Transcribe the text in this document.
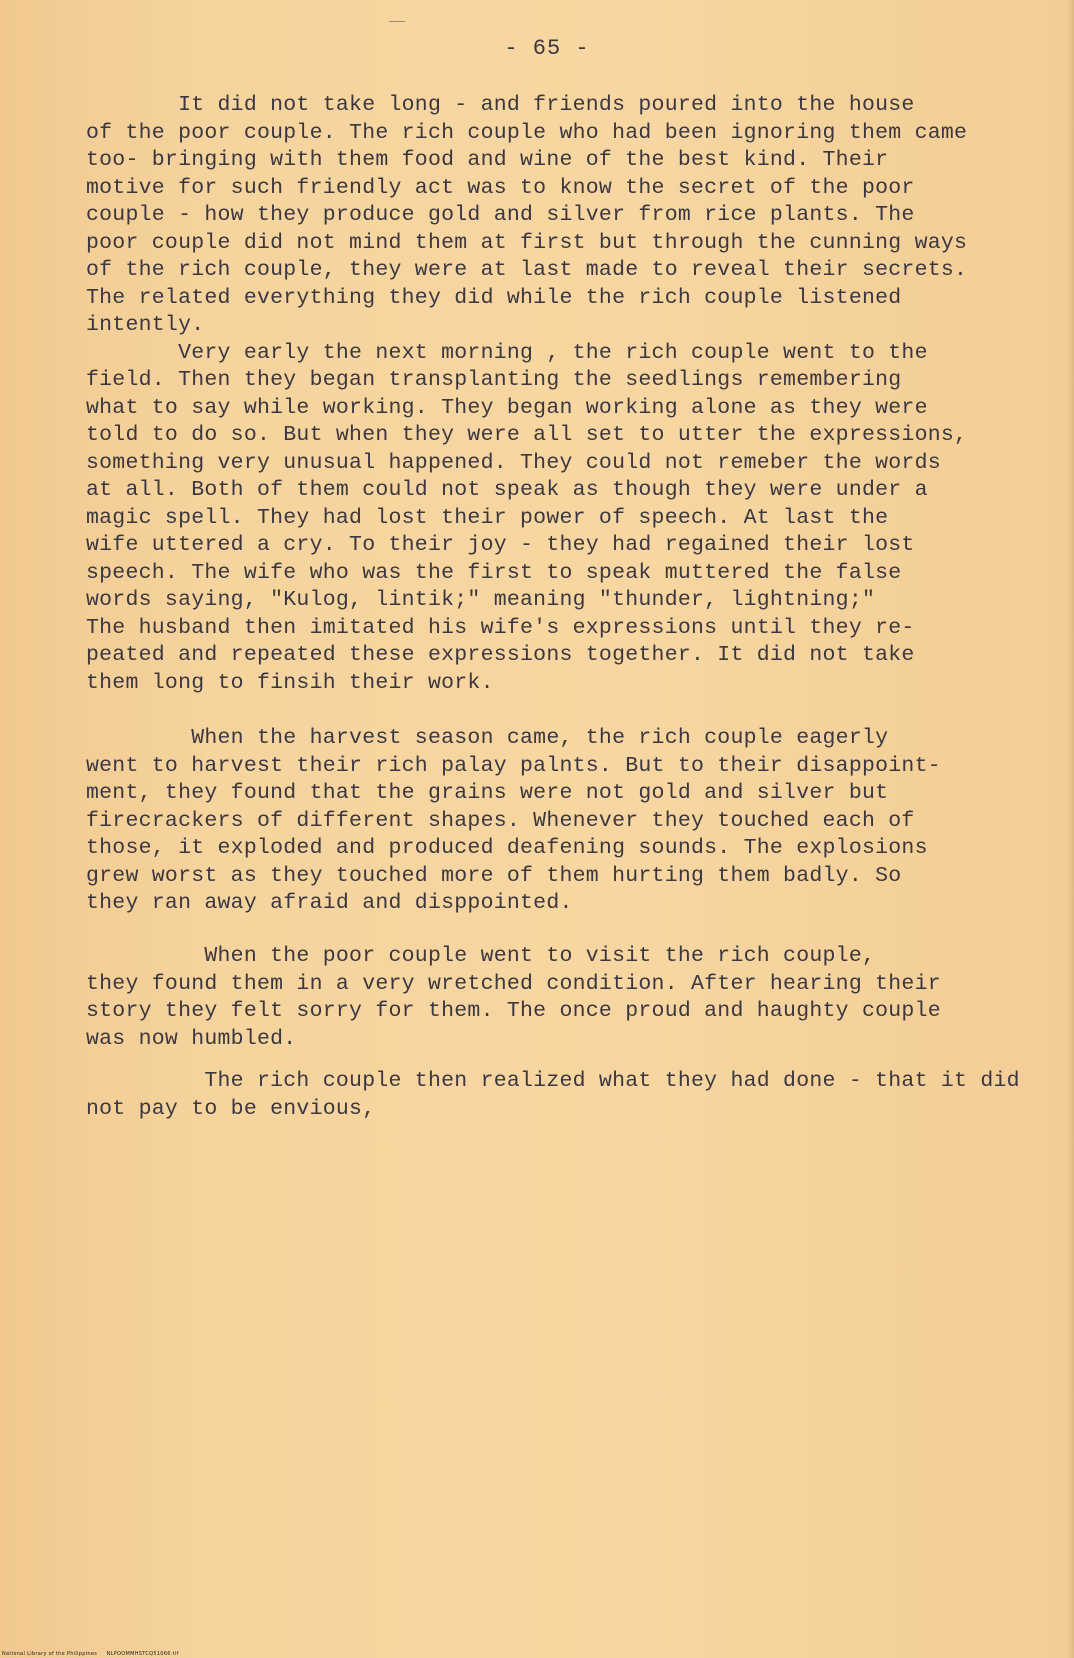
- 65 -
It did not take long - and friends poured into the house
of the poor couple. The rich couple who had been ignoring them came
too- bringing with them food and wine of the best kind. Their
motive for such friendly act was to know the secret of the poor
couple - how they produce gold and silver from rice plants. The
poor couple did not mind them at first but through the cunning ways
of the rich couple, they were at last made to reveal their secrets.
The related everything they did while the rich couple listened
intently.
Very early the next morning , the rich couple went to the
field. Then they began transplanting the seedlings remembering
what to say while working. They began working alone as they were
told to do so. But when they were all set to utter the expressions,
something very unusual happened. They could not remeber the words
at all. Both of them could not speak as though they were under a
magic spell. They had lost their power of speech. At last the
wife uttered a cry. To their joy - they had regained their lost
speech. The wife who was the first to speak muttered the false
words saying, "Kulog, lintik;" meaning "thunder, lightning;"
The husband then imitated his wife's expressions until they re-
peated and repeated these expressions together. It did not take
them long to finsih their work.
When the harvest season came, the rich couple eagerly
went to harvest their rich palay palnts. But to their disappoint-
ment, they found that the grains were not gold and silver but
firecrackers of different shapes. Whenever they touched each of
those, it exploded and produced deafening sounds. The explosions
grew worst as they touched more of them hurting them badly. So
they ran away afraid and disppointed.
When the poor couple went to visit the rich couple,
they found them in a very wretched condition. After hearing their
story they felt sorry for them. The once proud and haughty couple
was now humbled.
The rich couple then realized what they had done - that it did
not pay to be envious,
National Library of the Philippines     NLPOOMMHSTCQ51066.tif
